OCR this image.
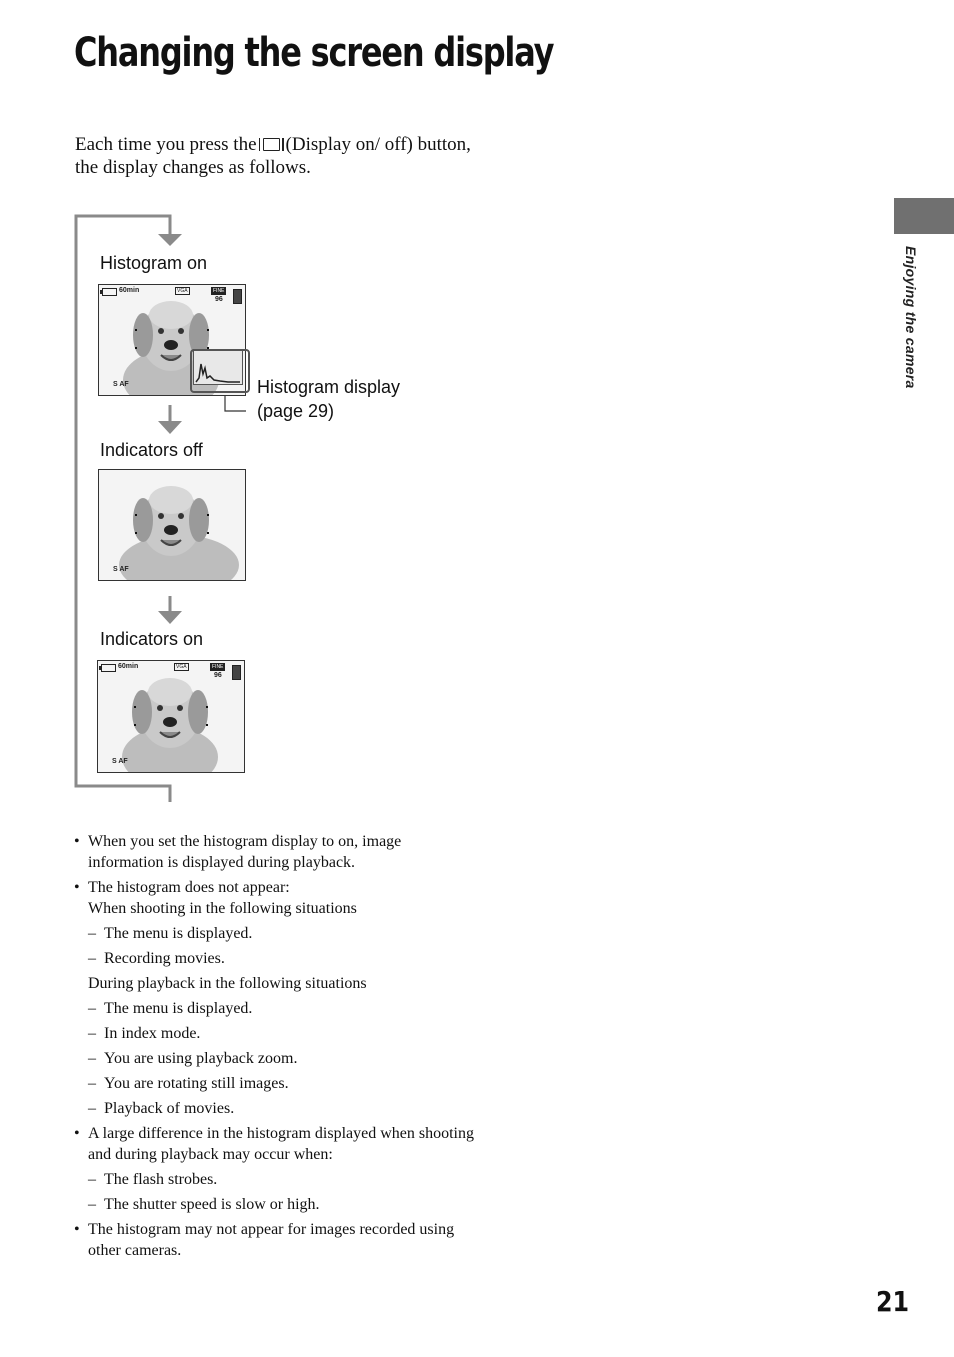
Changing the screen display
Each time you press the (Display on/ off) button, the display changes as follows.
Enjoying the camera
Histogram on
Indicators off
Indicators on
60min	VGA	FINE
96
S AF	Histogram display
(page 29)
S AF
60min	VGA	FINE
96
S AF
• When you set the histogram display to on, image information is displayed during playback.
• The histogram does not appear:
When shooting in the following situations
– The menu is displayed.
– Recording movies.
During playback in the following situations
– The menu is displayed.
– In index mode.
– You are using playback zoom.
– You are rotating still images.
– Playback of movies.
• A large difference in the histogram displayed when shooting and during playback may occur when:
– The flash strobes.
– The shutter speed is slow or high.
• The histogram may not appear for images recorded using other cameras.
21
